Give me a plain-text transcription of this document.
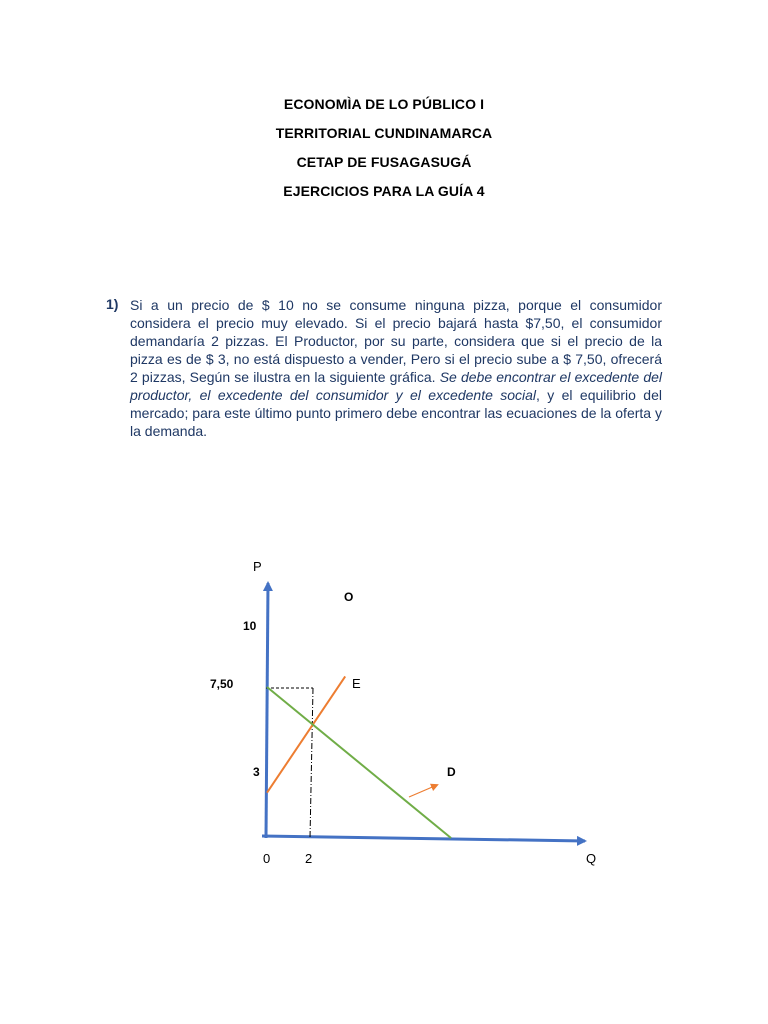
ECONOMÌA DE LO PÚBLICO I
TERRITORIAL CUNDINAMARCA
CETAP DE FUSAGASUGÁ
EJERCICIOS PARA LA GUÍA 4
1) Si a un precio de $ 10 no se consume ninguna pizza, porque el consumidor considera el precio muy elevado. Si el precio bajará hasta $7,50, el consumidor demandaría 2 pizzas. El Productor, por su parte, considera que si el precio de la pizza es de $ 3, no está dispuesto a vender, Pero si el precio sube a $ 7,50, ofrecerá 2 pizzas, Según se ilustra en la siguiente gráfica. Se debe encontrar el excedente del productor, el excedente del consumidor y el excedente social, y el equilibrio del mercado; para este último punto primero debe encontrar las ecuaciones de la oferta y la demanda.
P
Q
0	2
10
7,50
3
O
D
E
